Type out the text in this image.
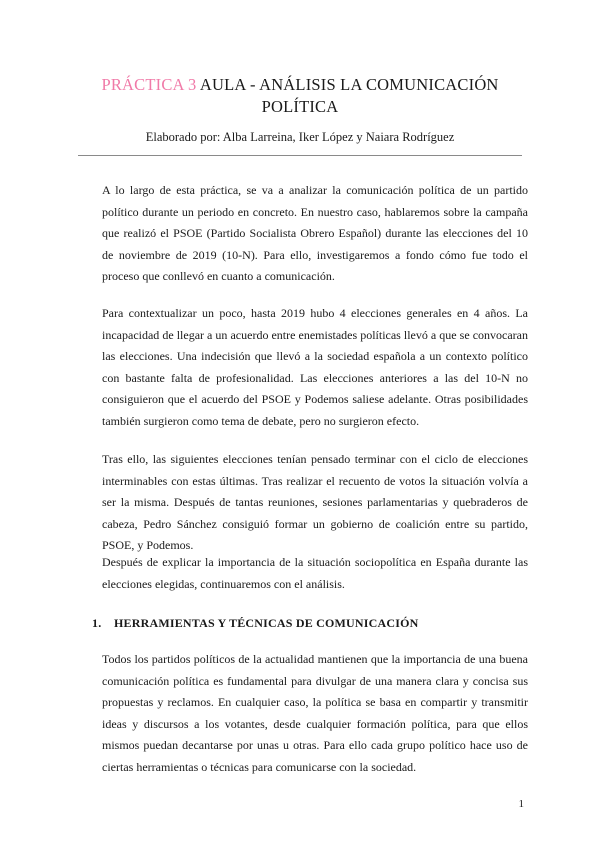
PRÁCTICA 3 AULA - ANÁLISIS LA COMUNICACIÓN
POLÍTICA

Elaborado por: Alba Larreina, Iker López y Naiara Rodríguez

A lo largo de esta práctica, se va a analizar la comunicación política de un partido político durante un periodo en concreto. En nuestro caso, hablaremos sobre la campaña que realizó el PSOE (Partido Socialista Obrero Español) durante las elecciones del 10 de noviembre de 2019 (10-N). Para ello, investigaremos a fondo cómo fue todo el proceso que conllevó en cuanto a comunicación.

Para contextualizar un poco, hasta 2019 hubo 4 elecciones generales en 4 años. La incapacidad de llegar a un acuerdo entre enemistades políticas llevó a que se convocaran las elecciones. Una indecisión que llevó a la sociedad española a un contexto político con bastante falta de profesionalidad. Las elecciones anteriores a las del 10-N no consiguieron que el acuerdo del PSOE y Podemos saliese adelante. Otras posibilidades también surgieron como tema de debate, pero no surgieron efecto.

Tras ello, las siguientes elecciones tenían pensado terminar con el ciclo de elecciones interminables con estas últimas. Tras realizar el recuento de votos la situación volvía a ser la misma. Después de tantas reuniones, sesiones parlamentarias y quebraderos de cabeza, Pedro Sánchez consiguió formar un gobierno de coalición entre su partido, PSOE, y Podemos.

Después de explicar la importancia de la situación sociopolítica en España durante las elecciones elegidas, continuaremos con el análisis.

1. HERRAMIENTAS Y TÉCNICAS DE COMUNICACIÓN

Todos los partidos políticos de la actualidad mantienen que la importancia de una buena comunicación política es fundamental para divulgar de una manera clara y concisa sus propuestas y reclamos. En cualquier caso, la política se basa en compartir y transmitir ideas y discursos a los votantes, desde cualquier formación política, para que ellos mismos puedan decantarse por unas u otras. Para ello cada grupo político hace uso de ciertas herramientas o técnicas para comunicarse con la sociedad.

1
